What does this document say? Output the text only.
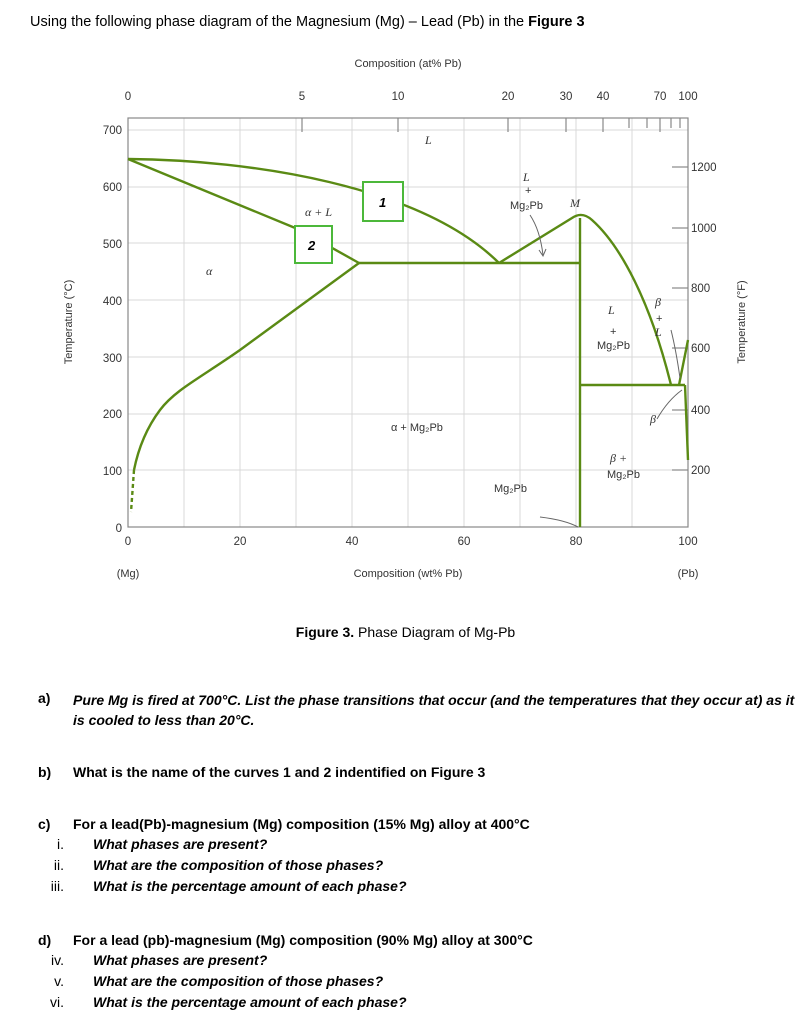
Using the following phase diagram of the Magnesium (Mg) – Lead (Pb) in the Figure 3
Composition (at% Pb)
0	5	10	20	30 40	70 100
0
100
200
300
400
500
600
700
200
400
600
800
1000
1200
0	20	40	60	80	100
Composition (wt% Pb)
(Mg)	(Pb)
Temperature (°C)	Temperature (°F)
L
L
+
Mg₂Pb M
α + L
α
L
+
Mg₂Pb
β
+
L
β
α + Mg₂Pb
β +
Mg₂Pb
Mg₂Pb
1
2
Figure 3. Phase Diagram of Mg-Pb
a) Pure Mg is fired at 700°C. List the phase transitions that occur (and the temperatures that they occur at) as it is cooled to less than 20°C.
b) What is the name of the curves 1 and 2 indentified on Figure 3
c) For a lead(Pb)-magnesium (Mg) composition (15% Mg) alloy at 400°C
i. What phases are present?
ii. What are the composition of those phases?
iii. What is the percentage amount of each phase?
d) For a lead (pb)-magnesium (Mg) composition (90% Mg) alloy at 300°C
iv. What phases are present?
v. What are the composition of those phases?
vi. What is the percentage amount of each phase?
